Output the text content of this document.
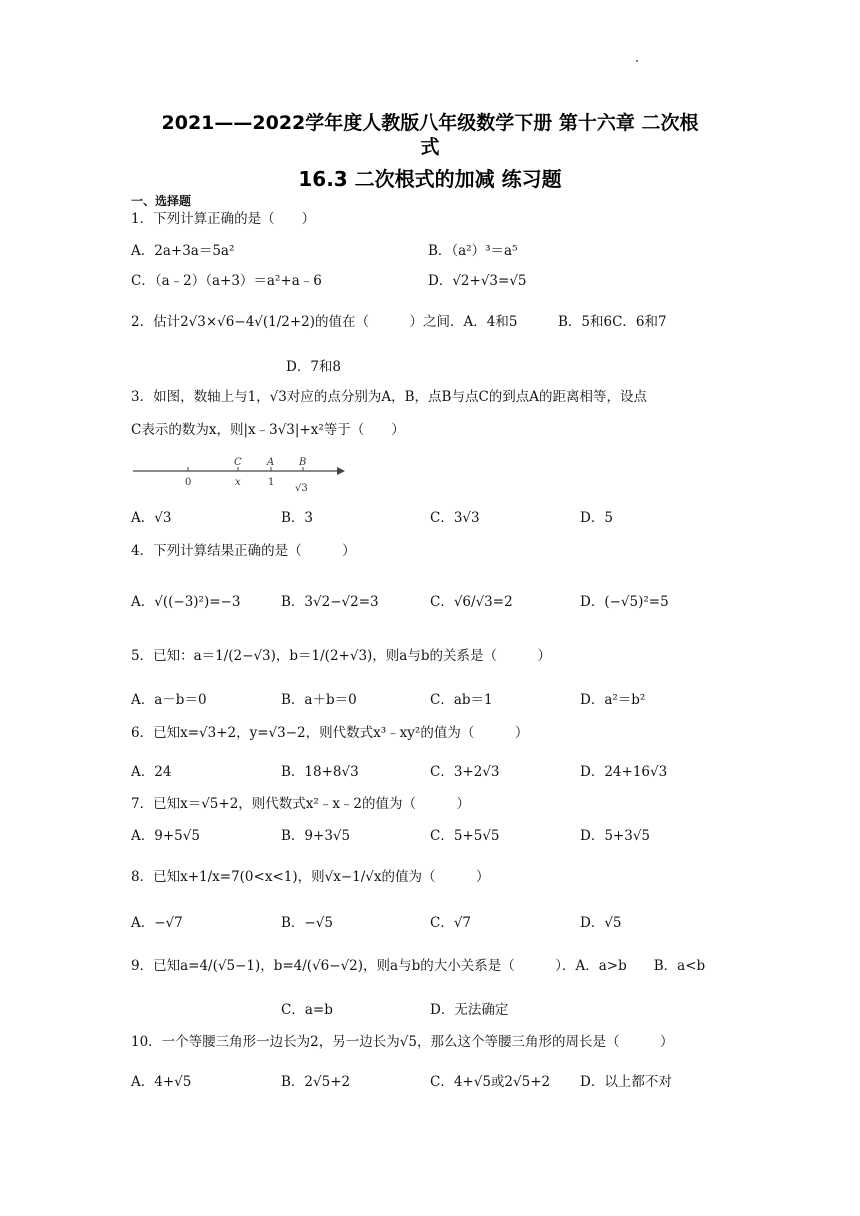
2021——2022学年度人教版八年级数学下册 第十六章 二次根
式
16.3 二次根式的加减 练习题
一、选择题
1．下列计算正确的是（　　）
A．2a+3a＝5a²	B．（a²）³＝a⁵
C．（a﹣2）（a+3）＝a²+a﹣6	D．√2+√3=√5
2．估计2√3×√6−4√(1/2+2)的值在（　　　）之间．A．4和5　　　B．5和6C．6和7
D．7和8
3．如图，数轴上与1，√3对应的点分别为A，B，点B与点C的到点A的距离相等，设点
C表示的数为x，则|x﹣3√3|+x²等于（　　）
C	A B
0	x	1
√3
A．√3	B．3	C．3√3	D．5
4．下列计算结果正确的是（　　　）
A．√((−3)²)=−3	B．3√2−√2=3	C．√6/√3=2	D．(−√5)²=5
5．已知：a＝1/(2−√3)，b＝1/(2+√3)，则a与b的关系是（　　　）
A．a－b＝0	B．a＋b＝0	C．ab＝1	D．a²＝b²
6．已知x=√3+2，y=√3−2，则代数式x³﹣xy²的值为（　　　）
A．24	B．18+8√3	C．3+2√3	D．24+16√3
7．已知x＝√5+2，则代数式x²﹣x﹣2的值为（　　　）
A．9+5√5	B．9+3√5	C．5+5√5	D．5+3√5
8．已知x+1/x=7(0<x<1)，则√x−1/√x的值为（　　　）
A．−√7	B．−√5	C．√7	D．√5
9．已知a=4/(√5−1)，b=4/(√6−√2)，则a与b的大小关系是（　　　）．A．a>b　　B．a<b
C．a=b	D．无法确定
10．一个等腰三角形一边长为2，另一边长为√5，那么这个等腰三角形的周长是（　　　）
A．4+√5	B．2√5+2	C．4+√5或2√5+2 D．以上都不对
